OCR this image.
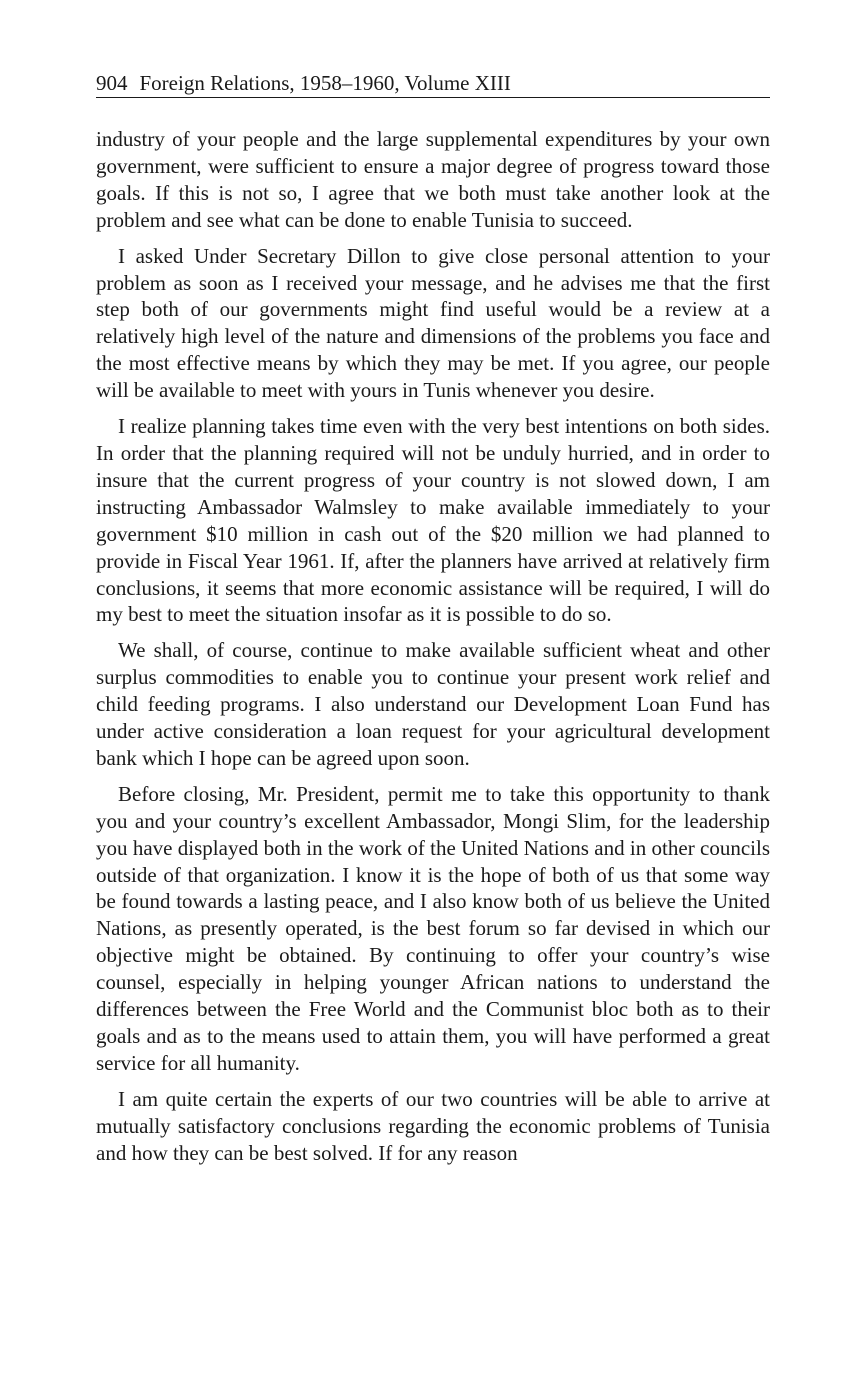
904 Foreign Relations, 1958–1960, Volume XIII

industry of your people and the large supplemental expenditures by your own government, were sufficient to ensure a major degree of progress toward those goals. If this is not so, I agree that we both must take another look at the problem and see what can be done to enable Tunisia to succeed.

I asked Under Secretary Dillon to give close personal attention to your problem as soon as I received your message, and he advises me that the first step both of our governments might find useful would be a review at a relatively high level of the nature and dimensions of the problems you face and the most effective means by which they may be met. If you agree, our people will be available to meet with yours in Tunis whenever you desire.

I realize planning takes time even with the very best intentions on both sides. In order that the planning required will not be unduly hurried, and in order to insure that the current progress of your country is not slowed down, I am instructing Ambassador Walmsley to make available immediately to your government $10 million in cash out of the $20 million we had planned to provide in Fiscal Year 1961. If, after the planners have arrived at relatively firm conclusions, it seems that more economic assistance will be required, I will do my best to meet the situation insofar as it is possible to do so.

We shall, of course, continue to make available sufficient wheat and other surplus commodities to enable you to continue your present work relief and child feeding programs. I also understand our Development Loan Fund has under active consideration a loan request for your agricultural development bank which I hope can be agreed upon soon.

Before closing, Mr. President, permit me to take this opportunity to thank you and your country’s excellent Ambassador, Mongi Slim, for the leadership you have displayed both in the work of the United Nations and in other councils outside of that organization. I know it is the hope of both of us that some way be found towards a lasting peace, and I also know both of us believe the United Nations, as presently operated, is the best forum so far devised in which our objective might be obtained. By continuing to offer your country’s wise counsel, especially in helping younger African nations to understand the differences between the Free World and the Communist bloc both as to their goals and as to the means used to attain them, you will have performed a great service for all humanity.

I am quite certain the experts of our two countries will be able to arrive at mutually satisfactory conclusions regarding the economic problems of Tunisia and how they can be best solved. If for any reason
